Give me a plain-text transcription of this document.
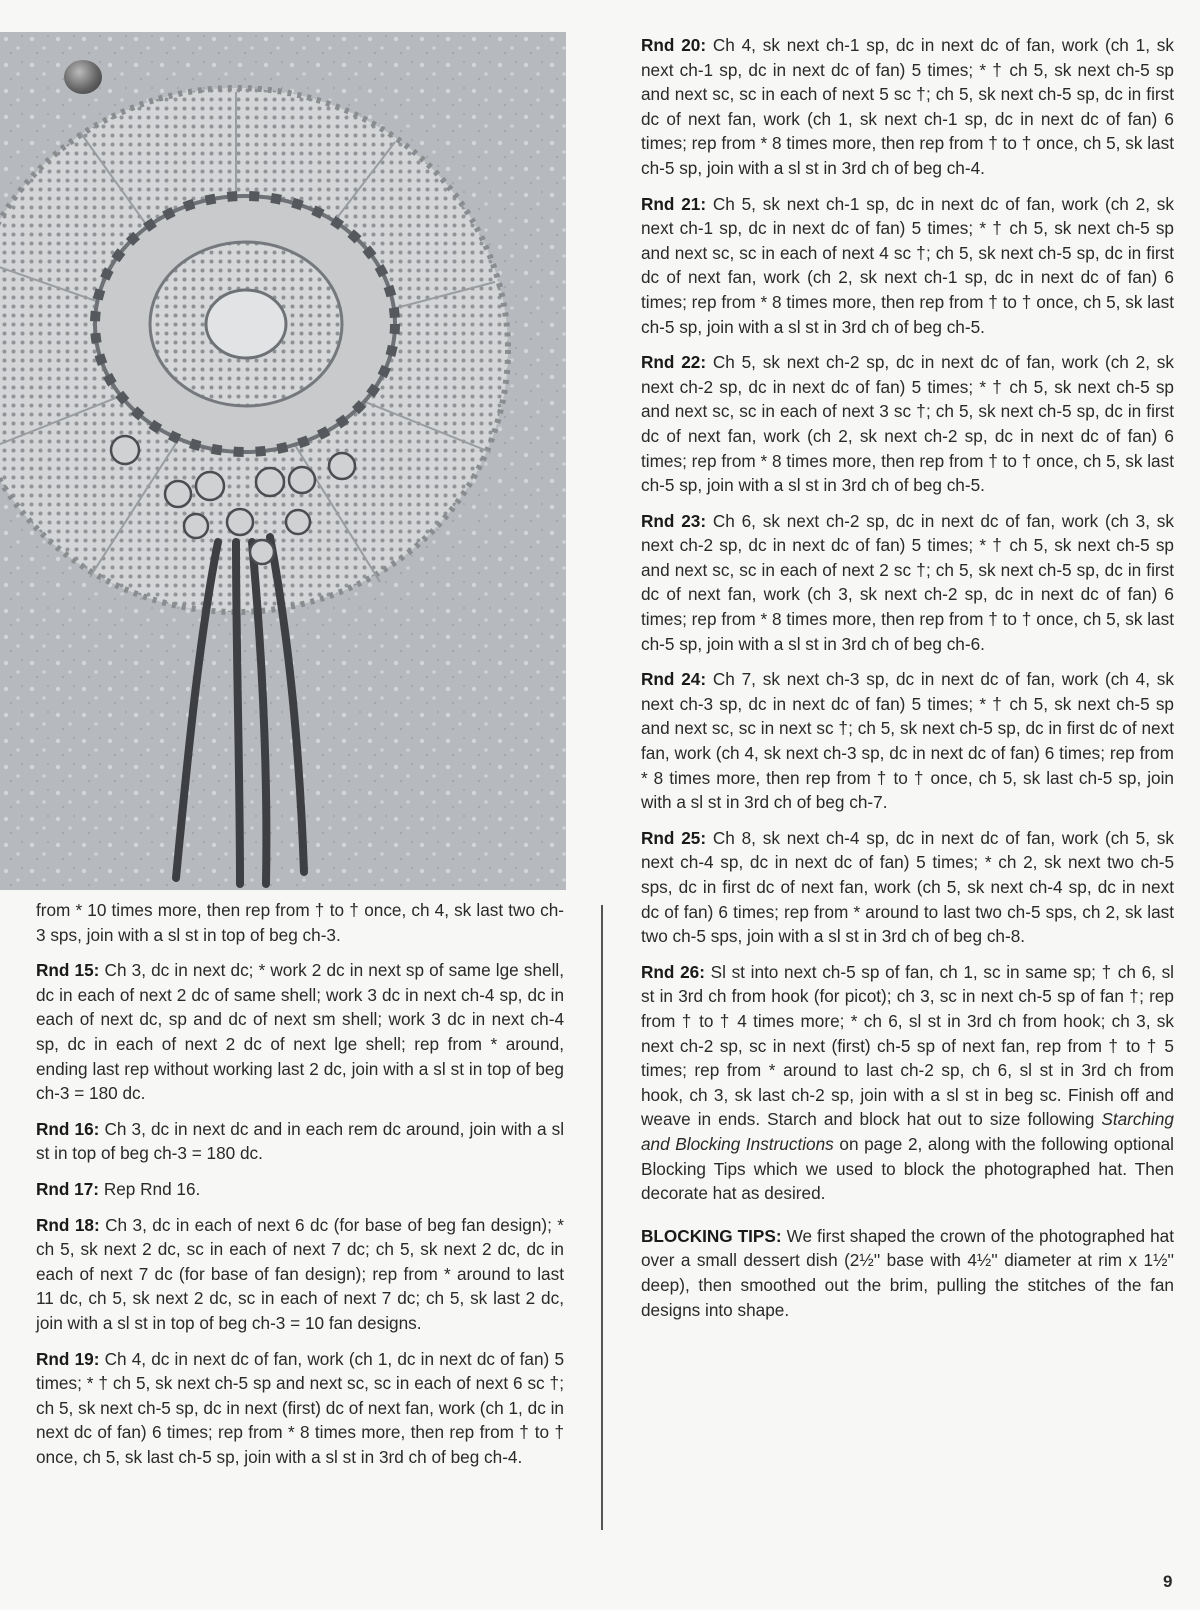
from * 10 times more, then rep from † to † once, ch 4, sk last two ch-3 sps, join with a sl st in top of beg ch-3.

Rnd 15: Ch 3, dc in next dc; * work 2 dc in next sp of same lge shell, dc in each of next 2 dc of same shell; work 3 dc in next ch-4 sp, dc in each of next dc, sp and dc of next sm shell; work 3 dc in next ch-4 sp, dc in each of next 2 dc of next lge shell; rep from * around, ending last rep without working last 2 dc, join with a sl st in top of beg ch-3 = 180 dc.

Rnd 16: Ch 3, dc in next dc and in each rem dc around, join with a sl st in top of beg ch-3 = 180 dc.

Rnd 17: Rep Rnd 16.

Rnd 18: Ch 3, dc in each of next 6 dc (for base of beg fan design); * ch 5, sk next 2 dc, sc in each of next 7 dc; ch 5, sk next 2 dc, dc in each of next 7 dc (for base of fan design); rep from * around to last 11 dc, ch 5, sk next 2 dc, sc in each of next 7 dc; ch 5, sk last 2 dc, join with a sl st in top of beg ch-3 = 10 fan designs.

Rnd 19: Ch 4, dc in next dc of fan, work (ch 1, dc in next dc of fan) 5 times; * † ch 5, sk next ch-5 sp and next sc, sc in each of next 6 sc †; ch 5, sk next ch-5 sp, dc in next (first) dc of next fan, work (ch 1, dc in next dc of fan) 6 times; rep from * 8 times more, then rep from † to † once, ch 5, sk last ch-5 sp, join with a sl st in 3rd ch of beg ch-4.

Rnd 20: Ch 4, sk next ch-1 sp, dc in next dc of fan, work (ch 1, sk next ch-1 sp, dc in next dc of fan) 5 times; * † ch 5, sk next ch-5 sp and next sc, sc in each of next 5 sc †; ch 5, sk next ch-5 sp, dc in first dc of next fan, work (ch 1, sk next ch-1 sp, dc in next dc of fan) 6 times; rep from * 8 times more, then rep from † to † once, ch 5, sk last ch-5 sp, join with a sl st in 3rd ch of beg ch-4.

Rnd 21: Ch 5, sk next ch-1 sp, dc in next dc of fan, work (ch 2, sk next ch-1 sp, dc in next dc of fan) 5 times; * † ch 5, sk next ch-5 sp and next sc, sc in each of next 4 sc †; ch 5, sk next ch-5 sp, dc in first dc of next fan, work (ch 2, sk next ch-1 sp, dc in next dc of fan) 6 times; rep from * 8 times more, then rep from † to † once, ch 5, sk last ch-5 sp, join with a sl st in 3rd ch of beg ch-5.

Rnd 22: Ch 5, sk next ch-2 sp, dc in next dc of fan, work (ch 2, sk next ch-2 sp, dc in next dc of fan) 5 times; * † ch 5, sk next ch-5 sp and next sc, sc in each of next 3 sc †; ch 5, sk next ch-5 sp, dc in first dc of next fan, work (ch 2, sk next ch-2 sp, dc in next dc of fan) 6 times; rep from * 8 times more, then rep from † to † once, ch 5, sk last ch-5 sp, join with a sl st in 3rd ch of beg ch-5.

Rnd 23: Ch 6, sk next ch-2 sp, dc in next dc of fan, work (ch 3, sk next ch-2 sp, dc in next dc of fan) 5 times; * † ch 5, sk next ch-5 sp and next sc, sc in each of next 2 sc †; ch 5, sk next ch-5 sp, dc in first dc of next fan, work (ch 3, sk next ch-2 sp, dc in next dc of fan) 6 times; rep from * 8 times more, then rep from † to † once, ch 5, sk last ch-5 sp, join with a sl st in 3rd ch of beg ch-6.

Rnd 24: Ch 7, sk next ch-3 sp, dc in next dc of fan, work (ch 4, sk next ch-3 sp, dc in next dc of fan) 5 times; * † ch 5, sk next ch-5 sp and next sc, sc in next sc †; ch 5, sk next ch-5 sp, dc in first dc of next fan, work (ch 4, sk next ch-3 sp, dc in next dc of fan) 6 times; rep from * 8 times more, then rep from † to † once, ch 5, sk last ch-5 sp, join with a sl st in 3rd ch of beg ch-7.

Rnd 25: Ch 8, sk next ch-4 sp, dc in next dc of fan, work (ch 5, sk next ch-4 sp, dc in next dc of fan) 5 times; * ch 2, sk next two ch-5 sps, dc in first dc of next fan, work (ch 5, sk next ch-4 sp, dc in next dc of fan) 6 times; rep from * around to last two ch-5 sps, ch 2, sk last two ch-5 sps, join with a sl st in 3rd ch of beg ch-8.

Rnd 26: Sl st into next ch-5 sp of fan, ch 1, sc in same sp; † ch 6, sl st in 3rd ch from hook (for picot); ch 3, sc in next ch-5 sp of fan †; rep from † to † 4 times more; * ch 6, sl st in 3rd ch from hook; ch 3, sk next ch-2 sp, sc in next (first) ch-5 sp of next fan, rep from † to † 5 times; rep from * around to last ch-2 sp, ch 6, sl st in 3rd ch from hook, ch 3, sk last ch-2 sp, join with a sl st in beg sc. Finish off and weave in ends. Starch and block hat out to size following Starching and Blocking Instructions on page 2, along with the following optional Blocking Tips which we used to block the photographed hat. Then decorate hat as desired.

BLOCKING TIPS: We first shaped the crown of the photographed hat over a small dessert dish (2½'' base with 4½'' diameter at rim x 1½'' deep), then smoothed out the brim, pulling the stitches of the fan designs into shape.

9
